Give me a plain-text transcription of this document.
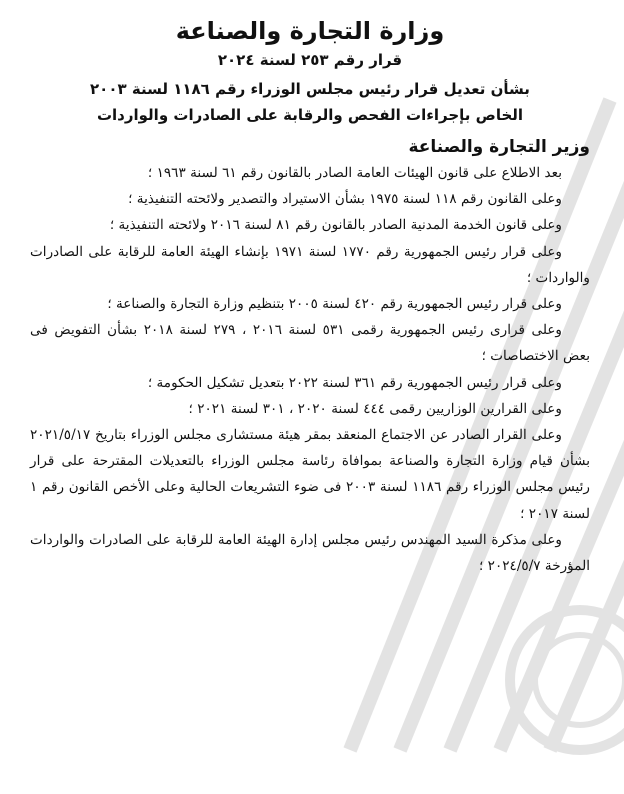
وزارة التجارة والصناعة

قرار رقم ٢٥٣ لسنة ٢٠٢٤

بشأن تعديل قرار رئيس مجلس الوزراء رقم ١١٨٦ لسنة ٢٠٠٣
الخاص بإجراءات الفحص والرقابة على الصادرات والواردات

وزير التجارة والصناعة

بعد الاطلاع على قانون الهيئات العامة الصادر بالقانون رقم ٦١ لسنة ١٩٦٣ ؛

وعلى القانون رقم ١١٨ لسنة ١٩٧٥ بشأن الاستيراد والتصدير ولائحته التنفيذية ؛

وعلى قانون الخدمة المدنية الصادر بالقانون رقم ٨١ لسنة ٢٠١٦ ولائحته التنفيذية ؛

وعلى قرار رئيس الجمهورية رقم ١٧٧٠ لسنة ١٩٧١ بإنشاء الهيئة العامة للرقابة على الصادرات والواردات ؛

وعلى قرار رئيس الجمهورية رقم ٤٢٠ لسنة ٢٠٠٥ بتنظيم وزارة التجارة والصناعة ؛

وعلى قرارى رئيس الجمهورية رقمى ٥٣١ لسنة ٢٠١٦ ، ٢٧٩ لسنة ٢٠١٨ بشأن التفويض فى بعض الاختصاصات ؛

وعلى قرار رئيس الجمهورية رقم ٣٦١ لسنة ٢٠٢٢ بتعديل تشكيل الحكومة ؛

وعلى القرارين الوزاريين رقمى ٤٤٤ لسنة ٢٠٢٠ ، ٣٠١ لسنة ٢٠٢١ ؛

وعلى القرار الصادر عن الاجتماع المنعقد بمقر هيئة مستشارى مجلس الوزراء بتاريخ ٢٠٢١/٥/١٧ بشأن قيام وزارة التجارة والصناعة بموافاة رئاسة مجلس الوزراء بالتعديلات المقترحة على قرار رئيس مجلس الوزراء رقم ١١٨٦ لسنة ٢٠٠٣ فى ضوء التشريعات الحالية وعلى الأخص القانون رقم ١ لسنة ٢٠١٧ ؛

وعلى مذكرة السيد المهندس رئيس مجلس إدارة الهيئة العامة للرقابة على الصادرات والواردات المؤرخة ٢٠٢٤/٥/٧ ؛
